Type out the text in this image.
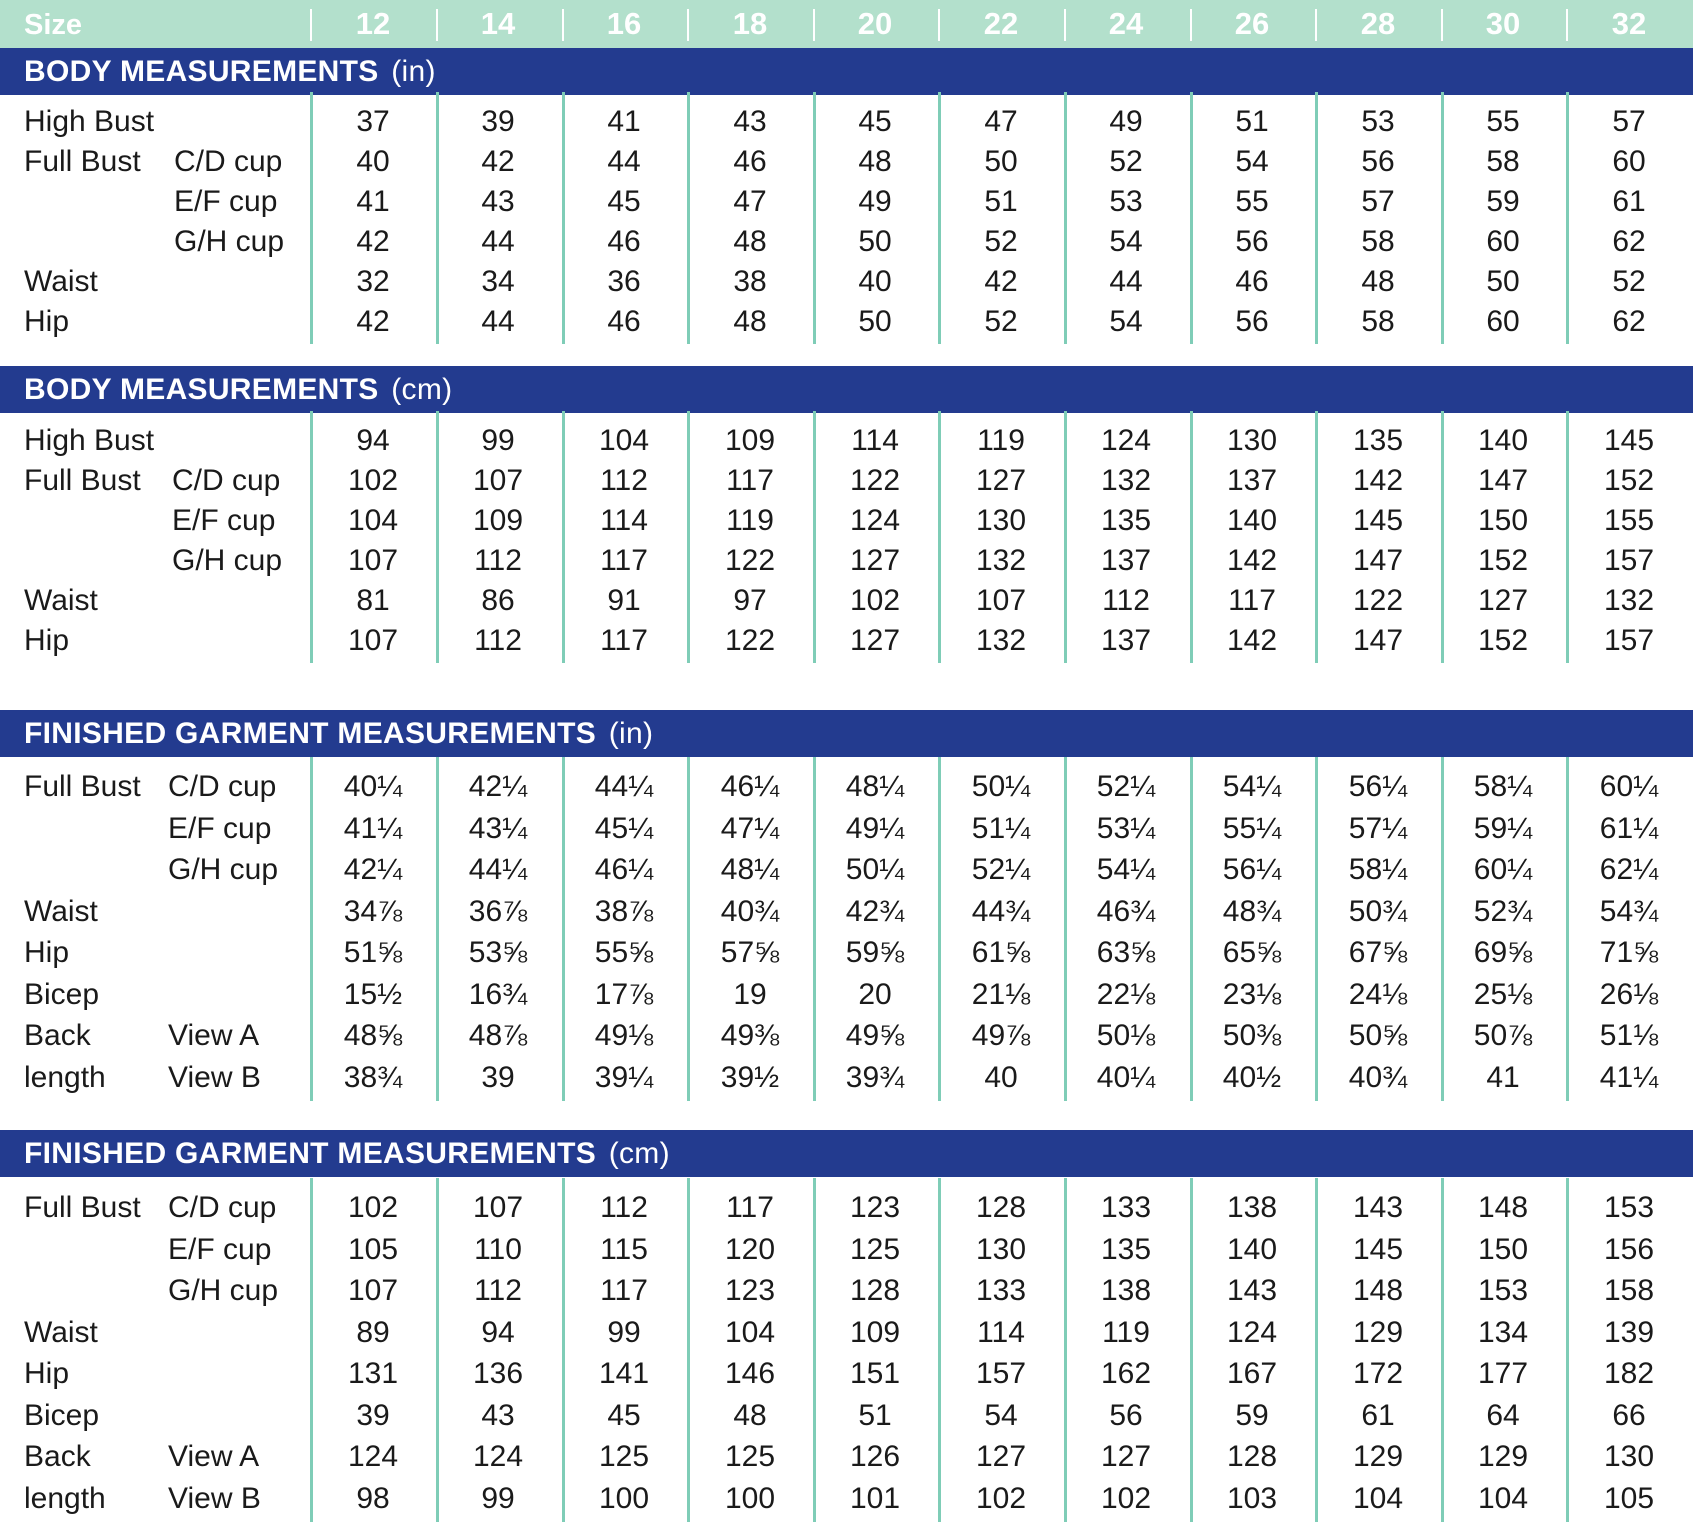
Size	12	14	16	18	20	22	24	26	28	30	32
BODY MEASUREMENTS (in)
High Bust	37	39	41	43	45	47	49	51	53	55	57
Full Bust C/D cup	40	42	44	46	48	50	52	54	56	58	60
E/F cup	41	43	45	47	49	51	53	55	57	59	61
G/H cup	42	44	46	48	50	52	54	56	58	60	62
Waist	32	34	36	38	40	42	44	46	48	50	52
Hip	42	44	46	48	50	52	54	56	58	60	62
BODY MEASUREMENTS (cm)
High Bust	94	99	104	109	114	119	124	130	135	140	145
Full Bust C/D cup	102	107	112	117	122	127	132	137	142	147	152
E/F cup	104	109	114	119	124	130	135	140	145	150	155
G/H cup	107	112	117	122	127	132	137	142	147	152	157
Waist	81	86	91	97	102	107	112	117	122	127	132
Hip	107	112	117	122	127	132	137	142	147	152	157
FINISHED GARMENT MEASUREMENTS (in)
Full Bust C/D cup	40¼	42¼	44¼	46¼	48¼	50¼	52¼	54¼	56¼	58¼	60¼
E/F cup	41¼	43¼	45¼	47¼	49¼	51¼	53¼	55¼	57¼	59¼	61¼
G/H cup	42¼	44¼	46¼	48¼	50¼	52¼	54¼	56¼	58¼	60¼	62¼
Waist	34⅞	36⅞	38⅞	40¾	42¾	44¾	46¾	48¾	50¾	52¾	54¾
Hip	51⅝	53⅝	55⅝	57⅝	59⅝	61⅝	63⅝	65⅝	67⅝	69⅝	71⅝
Bicep	15½	16¾	17⅞	19	20	21⅛	22⅛	23⅛	24⅛	25⅛	26⅛
Back	View A	48⅝	48⅞	49⅛	49⅜	49⅝	49⅞	50⅛	50⅜	50⅝	50⅞	51⅛
length View B	38¾	39	39¼	39½	39¾	40	40¼	40½	40¾	41	41¼
FINISHED GARMENT MEASUREMENTS (cm)
Full Bust C/D cup	102	107	112	117	123	128	133	138	143	148	153
E/F cup	105	110	115	120	125	130	135	140	145	150	156
G/H cup	107	112	117	123	128	133	138	143	148	153	158
Waist	89	94	99	104	109	114	119	124	129	134	139
Hip	131	136	141	146	151	157	162	167	172	177	182
Bicep	39	43	45	48	51	54	56	59	61	64	66
Back	View A	124	124	125	125	126	127	127	128	129	129	130
length View B	98	99	100	100	101	102	102	103	104	104	105
